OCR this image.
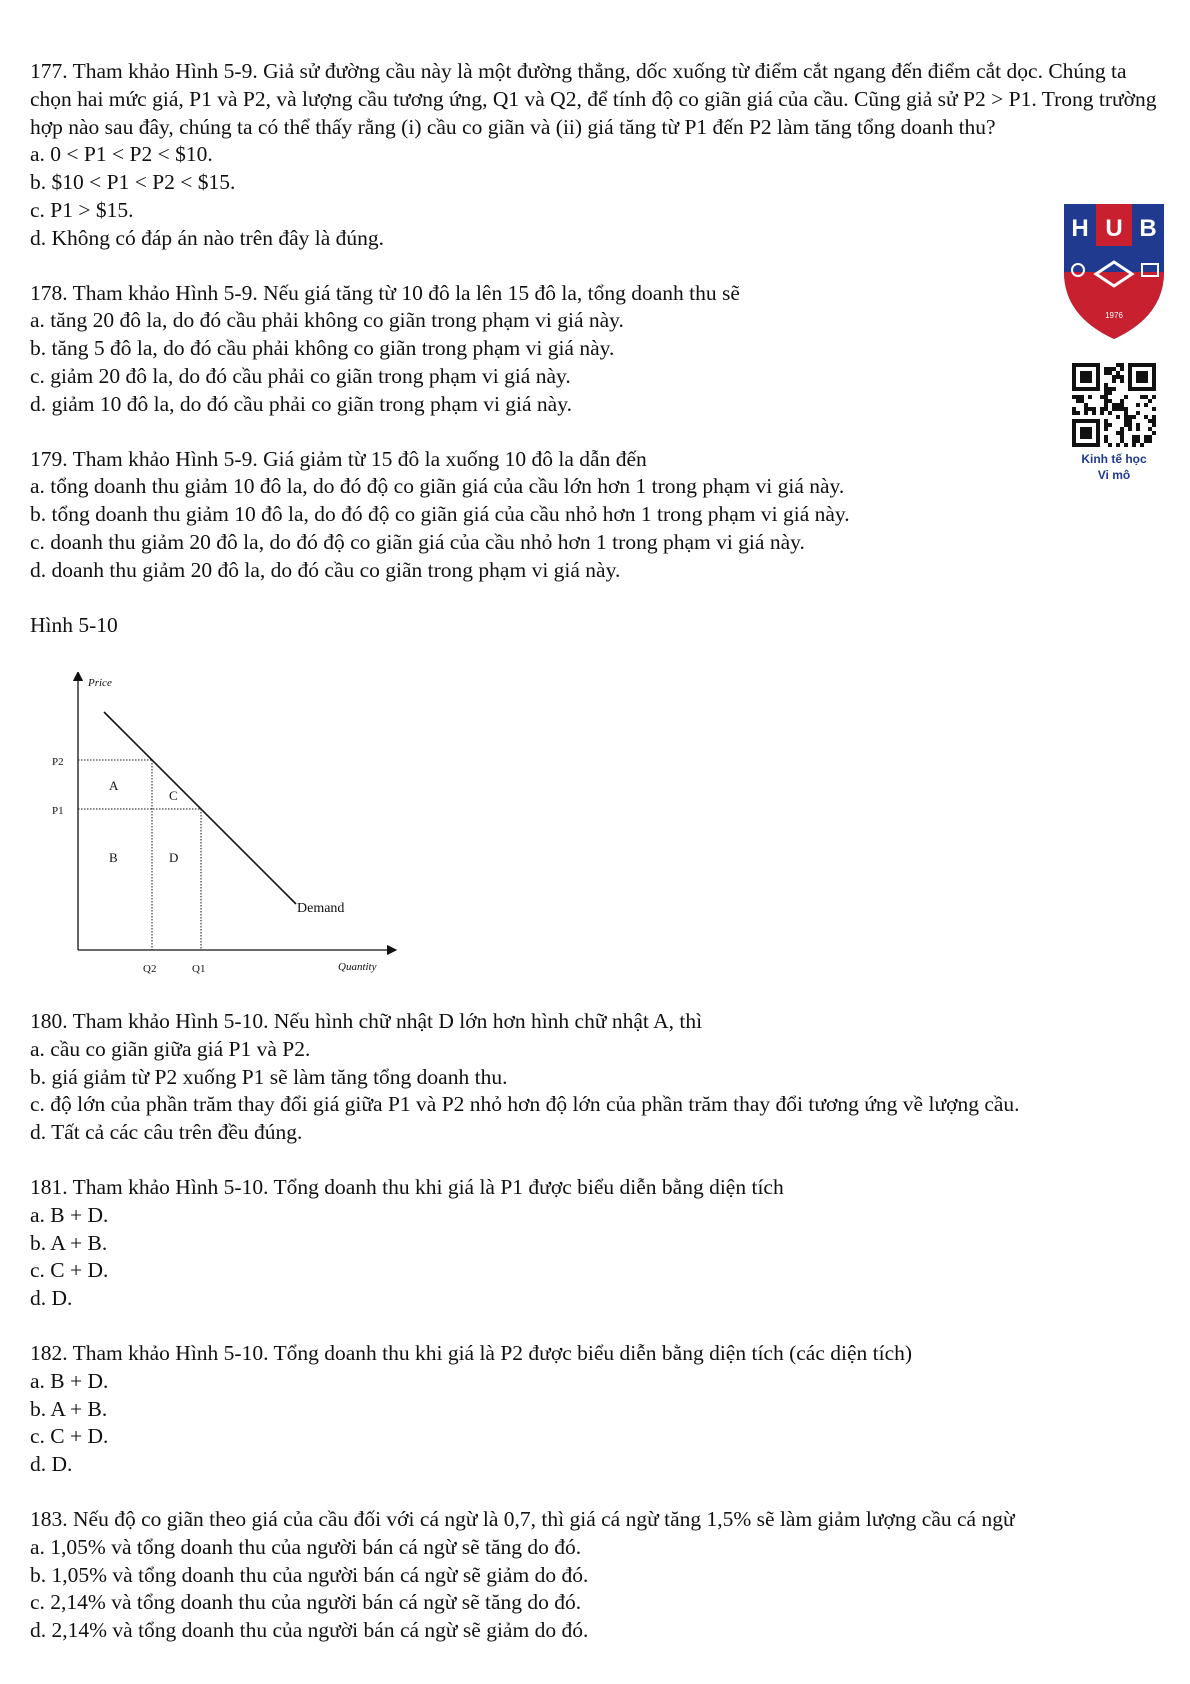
177. Tham khảo Hình 5-9. Giả sử đường cầu này là một đường thẳng, dốc xuống từ điểm cắt ngang đến điểm cắt dọc. Chúng ta chọn hai mức giá, P1 và P2, và lượng cầu tương ứng, Q1 và Q2, để tính độ co giãn giá của cầu. Cũng giả sử P2 > P1. Trong trường hợp nào sau đây, chúng ta có thể thấy rằng (i) cầu co giãn và (ii) giá tăng từ P1 đến P2 làm tăng tổng doanh thu?

a. 0 < P1 < P2 < $10.

b. $10 < P1 < P2 < $15.

c. P1 > $15.

d. Không có đáp án nào trên đây là đúng.

178. Tham khảo Hình 5-9. Nếu giá tăng từ 10 đô la lên 15 đô la, tổng doanh thu sẽ

a. tăng 20 đô la, do đó cầu phải không co giãn trong phạm vi giá này.

b. tăng 5 đô la, do đó cầu phải không co giãn trong phạm vi giá này.

c. giảm 20 đô la, do đó cầu phải co giãn trong phạm vi giá này.

d. giảm 10 đô la, do đó cầu phải co giãn trong phạm vi giá này.

179. Tham khảo Hình 5-9. Giá giảm từ 15 đô la xuống 10 đô la dẫn đến

a. tổng doanh thu giảm 10 đô la, do đó độ co giãn giá của cầu lớn hơn 1 trong phạm vi giá này.

b. tổng doanh thu giảm 10 đô la, do đó độ co giãn giá của cầu nhỏ hơn 1 trong phạm vi giá này.

c. doanh thu giảm 20 đô la, do đó độ co giãn giá của cầu nhỏ hơn 1 trong phạm vi giá này.

d. doanh thu giảm 20 đô la, do đó cầu co giãn trong phạm vi giá này.

Hình 5-10

Price
Quantity
Demand
P2
P1
Q2	Q1
A
B
C
D

180. Tham khảo Hình 5-10. Nếu hình chữ nhật D lớn hơn hình chữ nhật A, thì

a. cầu co giãn giữa giá P1 và P2.

b. giá giảm từ P2 xuống P1 sẽ làm tăng tổng doanh thu.

c. độ lớn của phần trăm thay đổi giá giữa P1 và P2 nhỏ hơn độ lớn của phần trăm thay đổi tương ứng về lượng cầu.

d. Tất cả các câu trên đều đúng.

181. Tham khảo Hình 5-10. Tổng doanh thu khi giá là P1 được biểu diễn bằng diện tích

a. B + D.

b. A + B.

c. C + D.

d. D.

182. Tham khảo Hình 5-10. Tổng doanh thu khi giá là P2 được biểu diễn bằng diện tích (các diện tích)

a. B + D.

b. A + B.

c. C + D.

d. D.

183. Nếu độ co giãn theo giá của cầu đối với cá ngừ là 0,7, thì giá cá ngừ tăng 1,5% sẽ làm giảm lượng cầu cá ngừ

a. 1,05% và tổng doanh thu của người bán cá ngừ sẽ tăng do đó.

b. 1,05% và tổng doanh thu của người bán cá ngừ sẽ giảm do đó.

c. 2,14% và tổng doanh thu của người bán cá ngừ sẽ tăng do đó.

d. 2,14% và tổng doanh thu của người bán cá ngừ sẽ giảm do đó.

H U B
1976
Kinh tế học
Vi mô
